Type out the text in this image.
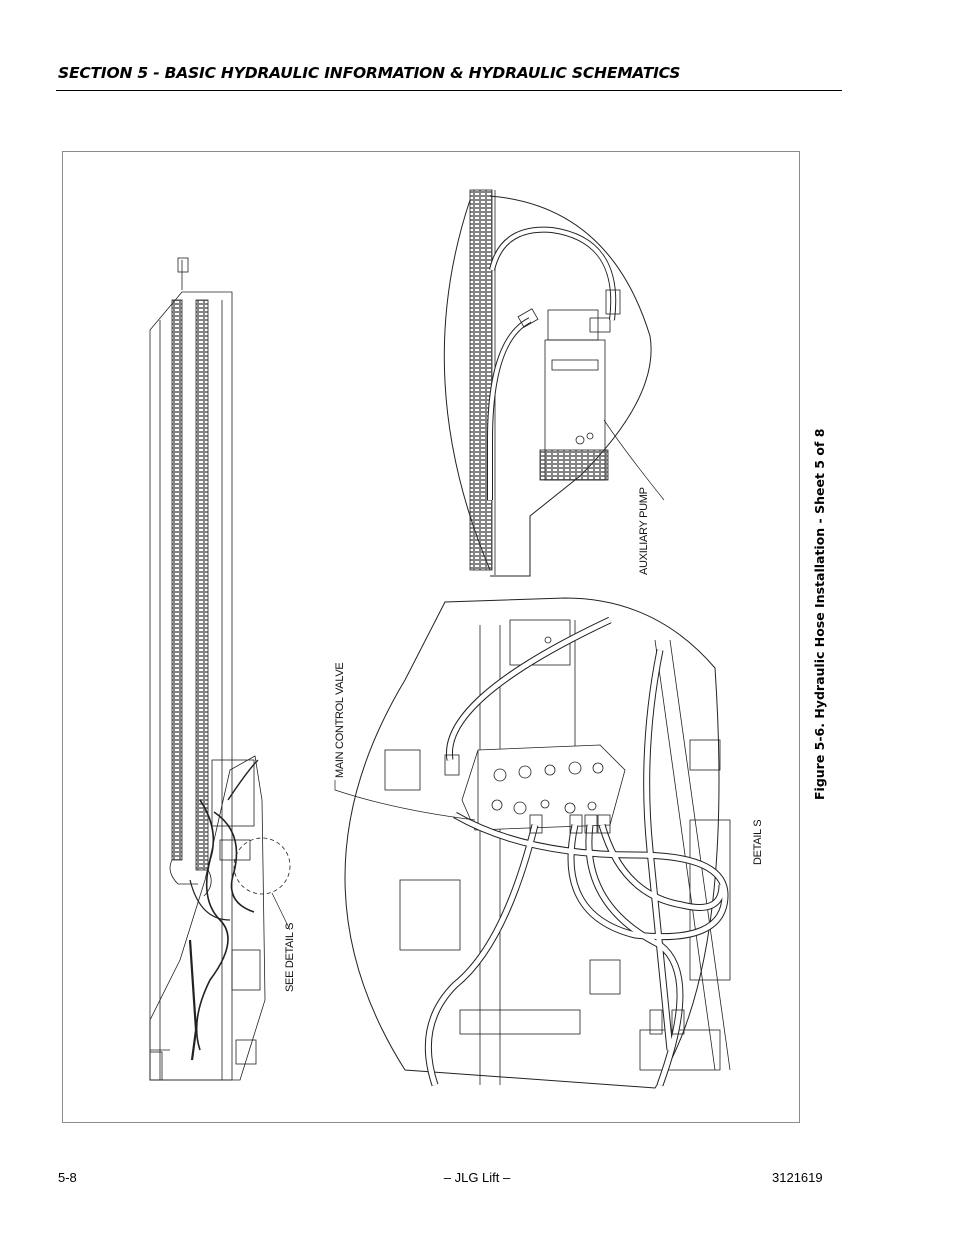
SECTION 5 - BASIC HYDRAULIC INFORMATION & HYDRAULIC SCHEMATICS
AUXILIARY PUMP
MAIN CONTROL VALVE
SEE DETAIL S
DETAIL S
Figure 5-6. Hydraulic Hose Installation - Sheet 5 of 8
5-8	– JLG Lift –	3121619
